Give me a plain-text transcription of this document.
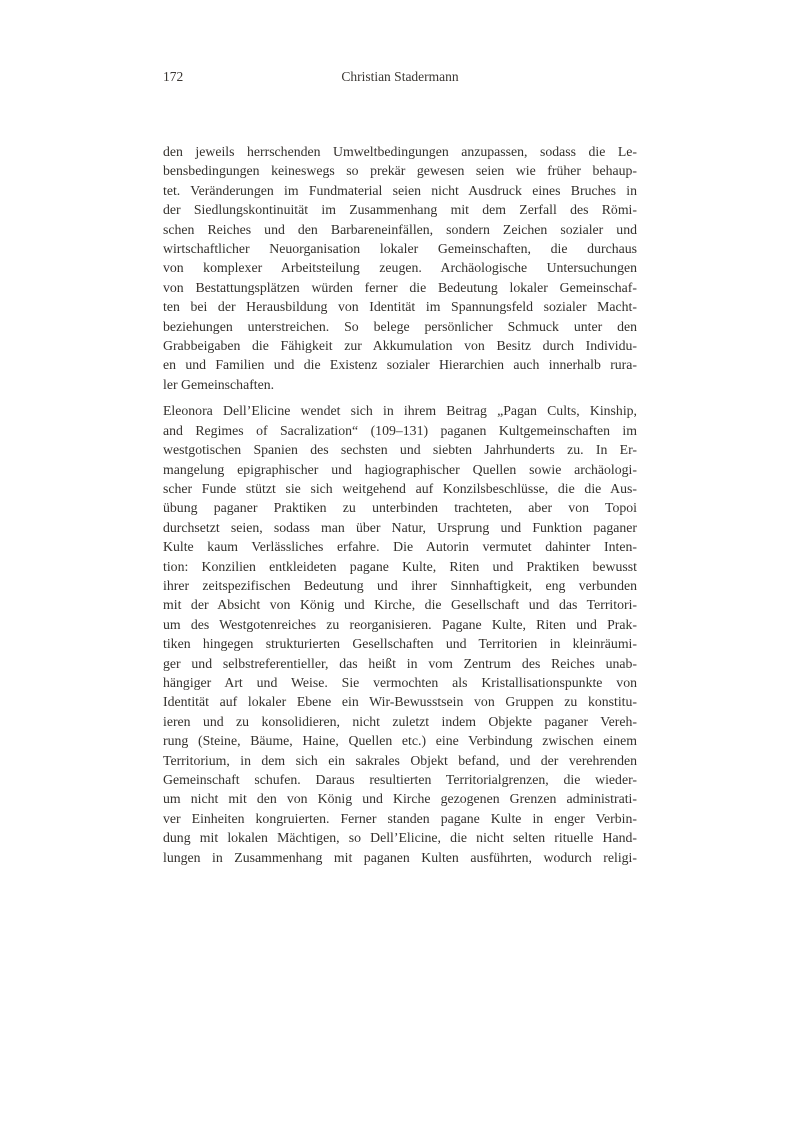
172	Christian Stadermann

den jeweils herrschenden Umweltbedingungen anzupassen, sodass die Le-
bensbedingungen keineswegs so prekär gewesen seien wie früher behaup-
tet. Veränderungen im Fundmaterial seien nicht Ausdruck eines Bruches in
der Siedlungskontinuität im Zusammenhang mit dem Zerfall des Römi-
schen Reiches und den Barbareneinfällen, sondern Zeichen sozialer und
wirtschaftlicher Neuorganisation lokaler Gemeinschaften, die durchaus
von komplexer Arbeitsteilung zeugen. Archäologische Untersuchungen
von Bestattungsplätzen würden ferner die Bedeutung lokaler Gemeinschaf-
ten bei der Herausbildung von Identität im Spannungsfeld sozialer Macht-
beziehungen unterstreichen. So belege persönlicher Schmuck unter den
Grabbeigaben die Fähigkeit zur Akkumulation von Besitz durch Individu-
en und Familien und die Existenz sozialer Hierarchien auch innerhalb rura-
ler Gemeinschaften.

Eleonora Dell’Elicine wendet sich in ihrem Beitrag „Pagan Cults, Kinship,
and Regimes of Sacralization“ (109–131) paganen Kultgemeinschaften im
westgotischen Spanien des sechsten und siebten Jahrhunderts zu. In Er-
mangelung epigraphischer und hagiographischer Quellen sowie archäologi-
scher Funde stützt sie sich weitgehend auf Konzilsbeschlüsse, die die Aus-
übung paganer Praktiken zu unterbinden trachteten, aber von Topoi
durchsetzt seien, sodass man über Natur, Ursprung und Funktion paganer
Kulte kaum Verlässliches erfahre. Die Autorin vermutet dahinter Inten-
tion: Konzilien entkleideten pagane Kulte, Riten und Praktiken bewusst
ihrer zeitspezifischen Bedeutung und ihrer Sinnhaftigkeit, eng verbunden
mit der Absicht von König und Kirche, die Gesellschaft und das Territori-
um des Westgotenreiches zu reorganisieren. Pagane Kulte, Riten und Prak-
tiken hingegen strukturierten Gesellschaften und Territorien in kleinräumi-
ger und selbstreferentieller, das heißt in vom Zentrum des Reiches unab-
hängiger Art und Weise. Sie vermochten als Kristallisationspunkte von
Identität auf lokaler Ebene ein Wir-Bewusstsein von Gruppen zu konstitu-
ieren und zu konsolidieren, nicht zuletzt indem Objekte paganer Vereh-
rung (Steine, Bäume, Haine, Quellen etc.) eine Verbindung zwischen einem
Territorium, in dem sich ein sakrales Objekt befand, und der verehrenden
Gemeinschaft schufen. Daraus resultierten Territorialgrenzen, die wieder-
um nicht mit den von König und Kirche gezogenen Grenzen administrati-
ver Einheiten kongruierten. Ferner standen pagane Kulte in enger Verbin-
dung mit lokalen Mächtigen, so Dell’Elicine, die nicht selten rituelle Hand-
lungen in Zusammenhang mit paganen Kulten ausführten, wodurch religi-
